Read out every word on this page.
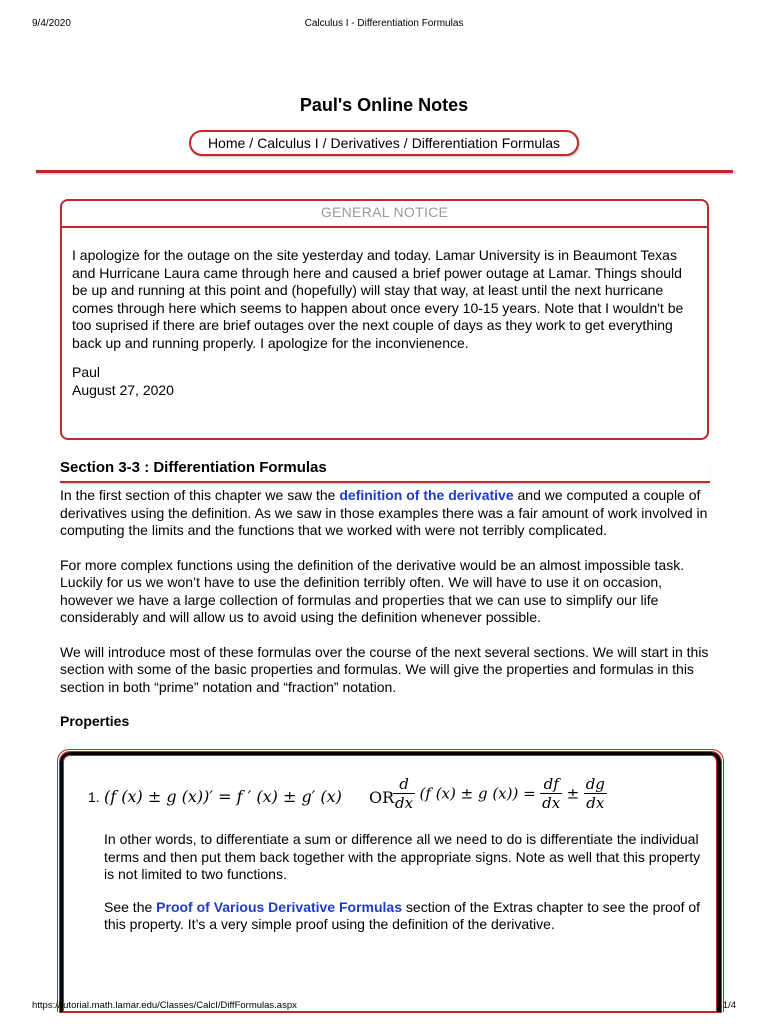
9/4/2020	Calculus I - Differentiation Formulas
Paul's Online Notes
Home / Calculus I / Derivatives / Differentiation Formulas
GENERAL NOTICE

I apologize for the outage on the site yesterday and today. Lamar University is in Beaumont Texas and Hurricane Laura came through here and caused a brief power outage at Lamar. Things should be up and running at this point and (hopefully) will stay that way, at least until the next hurricane comes through here which seems to happen about once every 10-15 years. Note that I wouldn't be too suprised if there are brief outages over the next couple of days as they work to get everything back up and running properly. I apologize for the inconvienence.

Paul
August 27, 2020

Section 3-3 : Differentiation Formulas

In the first section of this chapter we saw the definition of the derivative and we computed a couple of derivatives using the definition. As we saw in those examples there was a fair amount of work involved in computing the limits and the functions that we worked with were not terribly complicated.

For more complex functions using the definition of the derivative would be an almost impossible task. Luckily for us we won’t have to use the definition terribly often. We will have to use it on occasion, however we have a large collection of formulas and properties that we can use to simplify our life considerably and will allow us to avoid using the definition whenever possible.

We will introduce most of these formulas over the course of the next several sections. We will start in this section with some of the basic properties and formulas. We will give the properties and formulas in this section in both “prime” notation and “fraction” notation.

Properties

1. (f (x) ± g (x))′ = f ′ (x) ± g′ (x) OR
$\frac{d}{dx} (f$ (x) ± g $(x)) = \frac{df}{dx} \pm \frac{dg}{dx}$

In other words, to differentiate a sum or difference all we need to do is differentiate the individual terms and then put them back together with the appropriate signs. Note as well that this property is not limited to two functions.

See the Proof of Various Derivative Formulas section of the Extras chapter to see the proof of this property. It’s a very simple proof using the definition of the derivative.

https://tutorial.math.lamar.edu/Classes/CalcI/DiffFormulas.aspx	1/4
